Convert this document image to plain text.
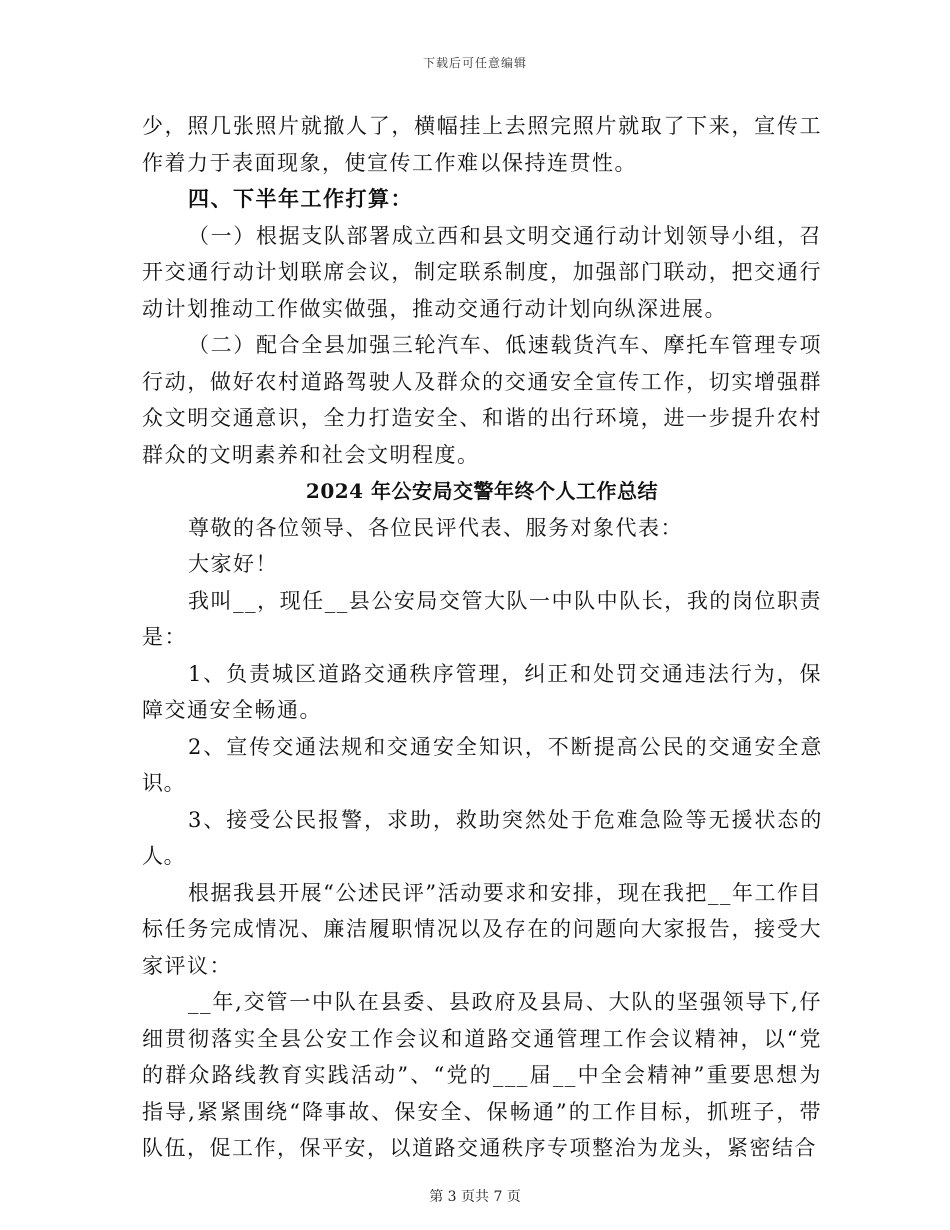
下载后可任意编辑

少，照几张照片就撤人了，横幅挂上去照完照片就取了下来，宣传工作着力于表面现象，使宣传工作难以保持连贯性。

四、下半年工作打算：

（一）根据支队部署成立西和县文明交通行动计划领导小组，召开交通行动计划联席会议，制定联系制度，加强部门联动，把交通行动计划推动工作做实做强，推动交通行动计划向纵深进展。

（二）配合全县加强三轮汽车、低速载货汽车、摩托车管理专项行动，做好农村道路驾驶人及群众的交通安全宣传工作，切实增强群众文明交通意识，全力打造安全、和谐的出行环境，进一步提升农村群众的文明素养和社会文明程度。

2024 年公安局交警年终个人工作总结

尊敬的各位领导、各位民评代表、服务对象代表：

大家好！

我叫__，现任__县公安局交管大队一中队中队长，我的岗位职责是：

1、负责城区道路交通秩序管理，纠正和处罚交通违法行为，保障交通安全畅通。

2、宣传交通法规和交通安全知识，不断提高公民的交通安全意识。

3、接受公民报警，求助，救助突然处于危难急险等无援状态的人。

根据我县开展“公述民评”活动要求和安排，现在我把__年工作目标任务完成情况、廉洁履职情况以及存在的问题向大家报告，接受大家评议：

__年,交管一中队在县委、县政府及县局、大队的坚强领导下,仔细贯彻落实全县公安工作会议和道路交通管理工作会议精神，以“党的群众路线教育实践活动”、“党的___届__中全会精神”重要思想为指导,紧紧围绕“降事故、保安全、保畅通”的工作目标，抓班子，带队伍，促工作，保平安，以道路交通秩序专项整治为龙头，紧密结合

第 3 页共 7 页
